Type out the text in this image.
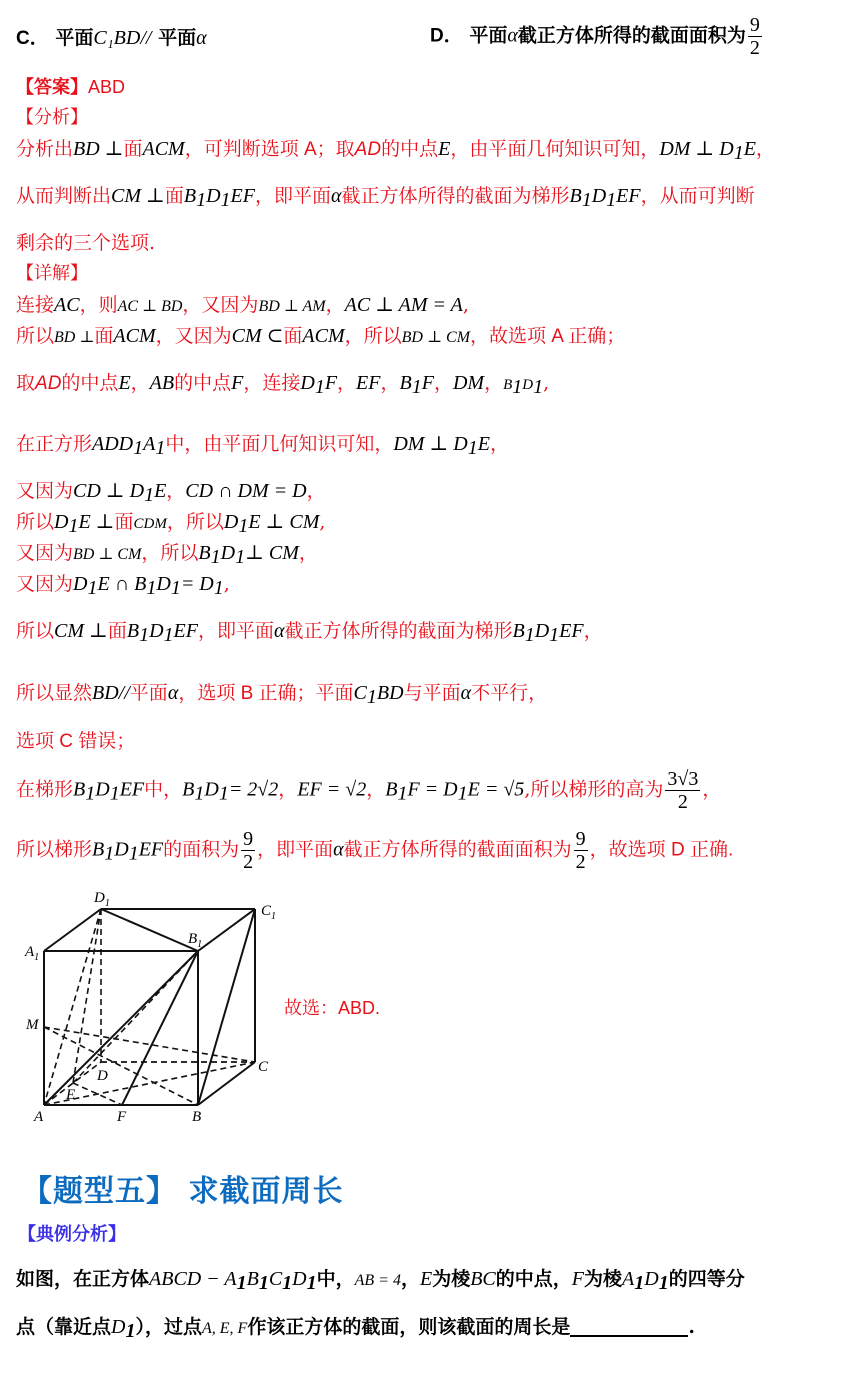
C． 平面C₁BD// 平面α	D． 平面α截正方体所得的截面面积为 $\frac{9}{2}$
【答案】ABD
【分析】
分析出BD ⊥面ACM，可判断选项 A；取AD的中点E，由平面几何知识可知，DM ⊥ $D_1E$，
从而判断出CM ⊥面$B_1D_1EF$，即平面α截正方体所得的截面为梯形$B_1D_1EF$，从而可判断
剩余的三个选项.
【详解】
连接AC，则AC ⊥ BD，又因为BD ⊥ AM，AC ⊥ AM = A,
所以BD ⊥面ACM，又因为CM ⊂面ACM，所以BD ⊥ CM，故选项 A 正确；
取AD的中点E，AB的中点F，连接$D_1F$，EF，$B_1F$，DM，$B_1D_1$,
在正方形$ADD_1A_1$中，由平面几何知识可知，DM ⊥ $D_1E$，
又因为CD ⊥ $D_1E$，CD ∩ DM = D，
所以$D_1E$ ⊥面CDM，所以$D_1E$ ⊥ CM,
又因为BD ⊥ CM，所以$B_1D_1\perp$ CM，
又因为$D_1E$ ∩ $B_1D_1= D_1$,
所以CM ⊥面$B_1D_1EF$，即平面α截正方体所得的截面为梯形$B_1D_1EF$，
所以显然BD//平面α，选项 B 正确；平面$C_1BD$与平面α不平行，
选项 C 错误；
在梯形$B_1D_1EF$中，$B_1D_1= 2√2$，EF = √2，$B_1F = D_1E = √5$,所以梯形的高为 $\frac{3√3}{2}$ ，
所以梯形$B_1D_1EF$的面积为 $\frac{9}{2}$ ，即平面α截正方体所得的截面面积为 $\frac{9}{2}$ ，故选项 D 正确.
$D_1$	$C_1$
$A_1$
$B_1$
M
D
C
E
A	F	B
故选：ABD.
【题型五】 求截面周长
【典例分析】
如图，在正方体ABCD − $A_1B_1C_1D_1$中，AB = 4，E为棱BC的中点，F为棱$A_1D_1$的四等分
点（靠近点$D_1$），过点A, E, F作该正方体的截面，则该截面的周长是	.
